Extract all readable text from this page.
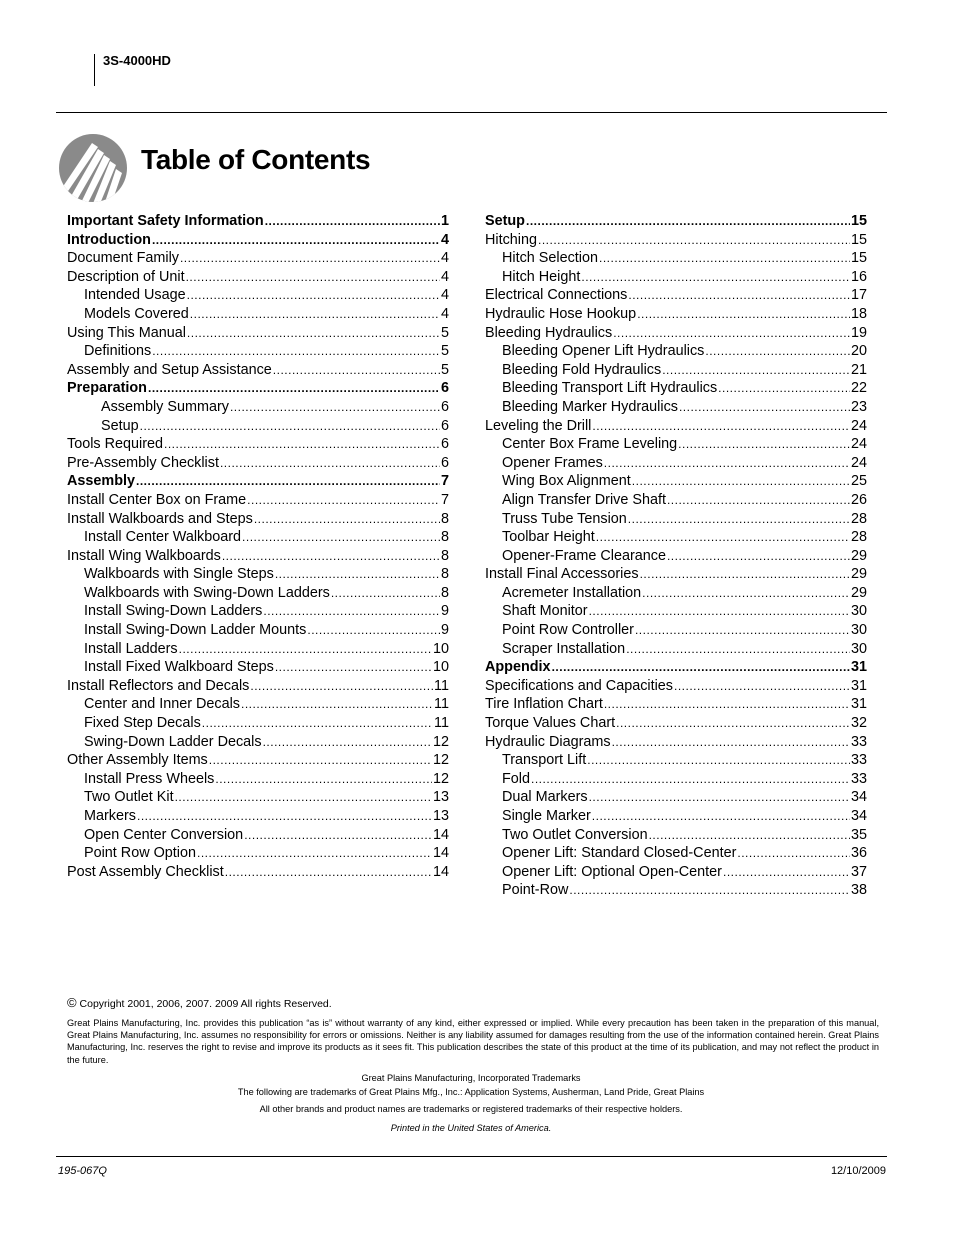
3S-4000HD
Table of Contents
Important Safety Information .....	1
Introduction .....	4
Document Family .....	4
Description of Unit .....	4
Intended Usage .....	4
Models Covered .....	4
Using This Manual .....	5
Definitions .....	5
Assembly and Setup Assistance .....	5
Preparation .....	6
Assembly Summary .....	6
Setup .....	6
Tools Required .....	6
Pre-Assembly Checklist .....	6
Assembly .....	7
Install Center Box on Frame .....	7
Install Walkboards and Steps .....	8
Install Center Walkboard .....	8
Install Wing Walkboards .....	8
Walkboards with Single Steps .....	8
Walkboards with Swing-Down Ladders .....	8
Install Swing-Down Ladders .....	9
Install Swing-Down Ladder Mounts .....	9
Install Ladders .....	10
Install Fixed Walkboard Steps .....	10
Install Reflectors and Decals .....	11
Center and Inner Decals .....	11
Fixed Step Decals .....	11
Swing-Down Ladder Decals .....	12
Other Assembly Items .....	12
Install Press Wheels .....	12
Two Outlet Kit .....	13
Markers .....	13
Open Center Conversion .....	14
Point Row Option .....	14
Post Assembly Checklist .....	14
Setup .....	15
Hitching .....	15
Hitch Selection .....	15
Hitch Height .....	16
Electrical Connections .....	17
Hydraulic Hose Hookup .....	18
Bleeding Hydraulics .....	19
Bleeding Opener Lift Hydraulics .....	20
Bleeding Fold Hydraulics .....	21
Bleeding Transport Lift Hydraulics .....	22
Bleeding Marker Hydraulics .....	23
Leveling the Drill .....	24
Center Box Frame Leveling .....	24
Opener Frames .....	24
Wing Box Alignment .....	25
Align Transfer Drive Shaft .....	26
Truss Tube Tension .....	28
Toolbar Height .....	28
Opener-Frame Clearance .....	29
Install Final Accessories .....	29
Acremeter Installation .....	29
Shaft Monitor .....	30
Point Row Controller .....	30
Scraper Installation .....	30
Appendix .....	31
Specifications and Capacities .....	31
Tire Inflation Chart .....	31
Torque Values Chart .....	32
Hydraulic Diagrams .....	33
Transport Lift .....	33
Fold .....	33
Dual Markers .....	34
Single Marker .....	34
Two Outlet Conversion .....	35
Opener Lift: Standard Closed-Center .....	36
Opener Lift: Optional Open-Center .....	37
Point-Row .....	38
© Copyright 2001, 2006, 2007. 2009 All rights Reserved.
Great Plains Manufacturing, Inc. provides this publication “as is” without warranty of any kind, either expressed or implied. While every precaution has been taken in the preparation of this manual, Great Plains Manufacturing, Inc. assumes no responsibility for errors or omissions. Neither is any liability assumed for damages resulting from the use of the information contained herein. Great Plains Manufacturing, Inc. reserves the right to revise and improve its products as it sees fit. This publication describes the state of this product at the time of its publication, and may not reflect the product in the future.
Great Plains Manufacturing, Incorporated Trademarks
The following are trademarks of Great Plains Mfg., Inc.: Application Systems, Ausherman, Land Pride, Great Plains
All other brands and product names are trademarks or registered trademarks of their respective holders.
Printed in the United States of America.
195-067Q	12/10/2009
